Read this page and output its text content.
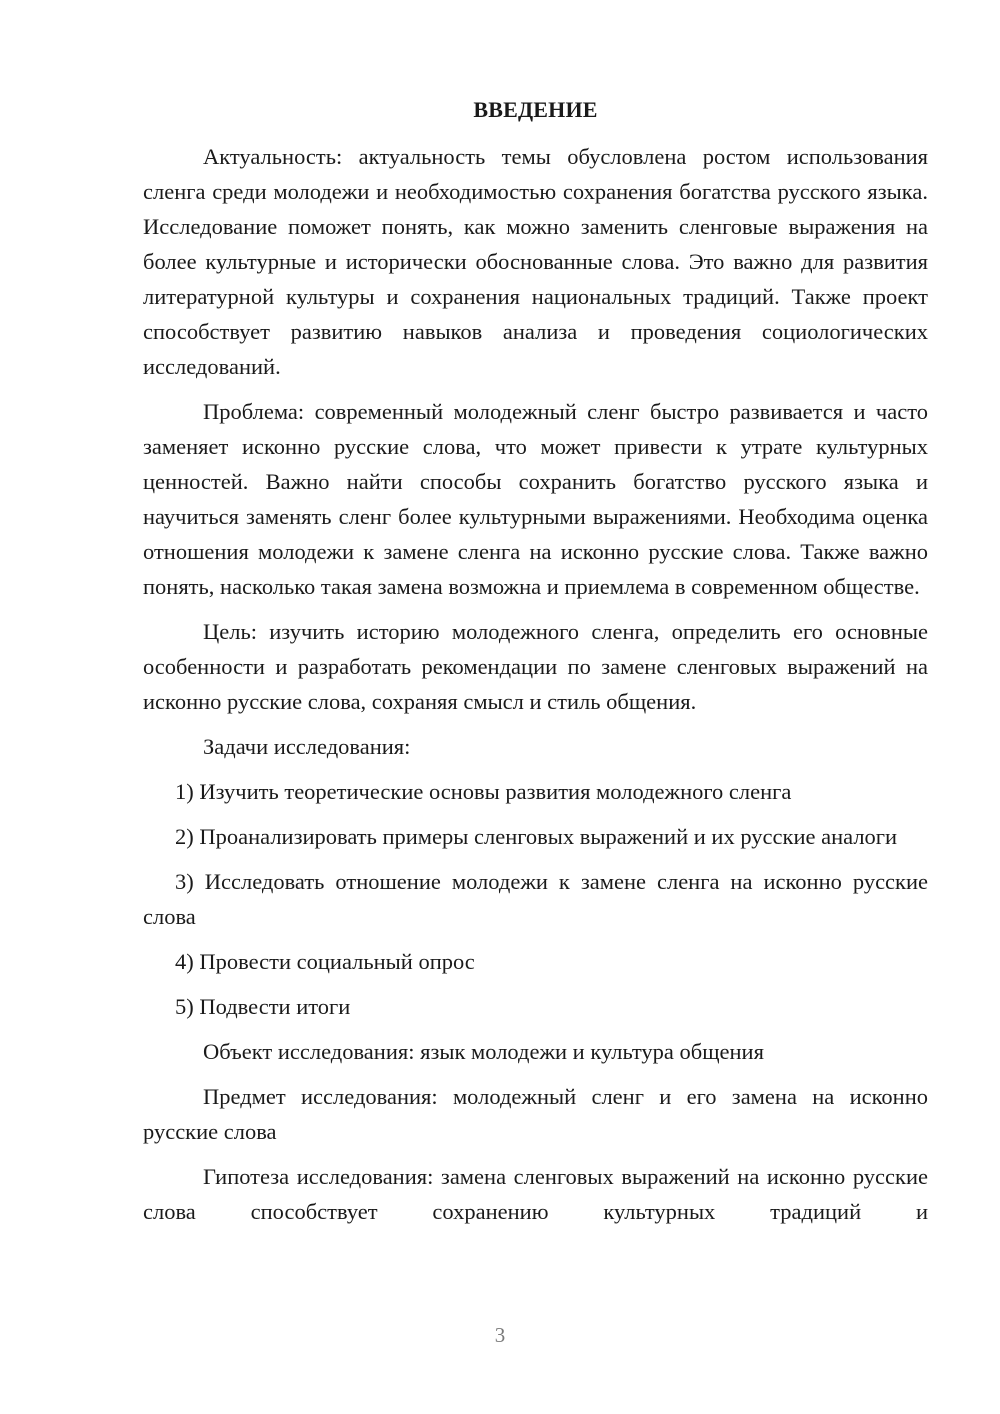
ВВЕДЕНИЕ

Актуальность: актуальность темы обусловлена ростом использования сленга среди молодежи и необходимостью сохранения богатства русского языка. Исследование поможет понять, как можно заменить сленговые выражения на более культурные и исторически обоснованные слова. Это важно для развития литературной культуры и сохранения национальных традиций. Также проект способствует развитию навыков анализа и проведения социологических исследований.

Проблема: современный молодежный сленг быстро развивается и часто заменяет исконно русские слова, что может привести к утрате культурных ценностей. Важно найти способы сохранить богатство русского языка и научиться заменять сленг более культурными выражениями. Необходима оценка отношения молодежи к замене сленга на исконно русские слова. Также важно понять, насколько такая замена возможна и приемлема в современном обществе.

Цель: изучить историю молодежного сленга, определить его основные особенности и разработать рекомендации по замене сленговых выражений на исконно русские слова, сохраняя смысл и стиль общения.

Задачи исследования:

1) Изучить теоретические основы развития молодежного сленга

2) Проанализировать примеры сленговых выражений и их русские аналоги

3) Исследовать отношение молодежи к замене сленга на исконно русские слова

4) Провести социальный опрос

5) Подвести итоги

Объект исследования: язык молодежи и культура общения

Предмет исследования: молодежный сленг и его замена на исконно русские слова

Гипотеза исследования: замена сленговых выражений на исконно русские слова способствует сохранению культурных традиций и

3
